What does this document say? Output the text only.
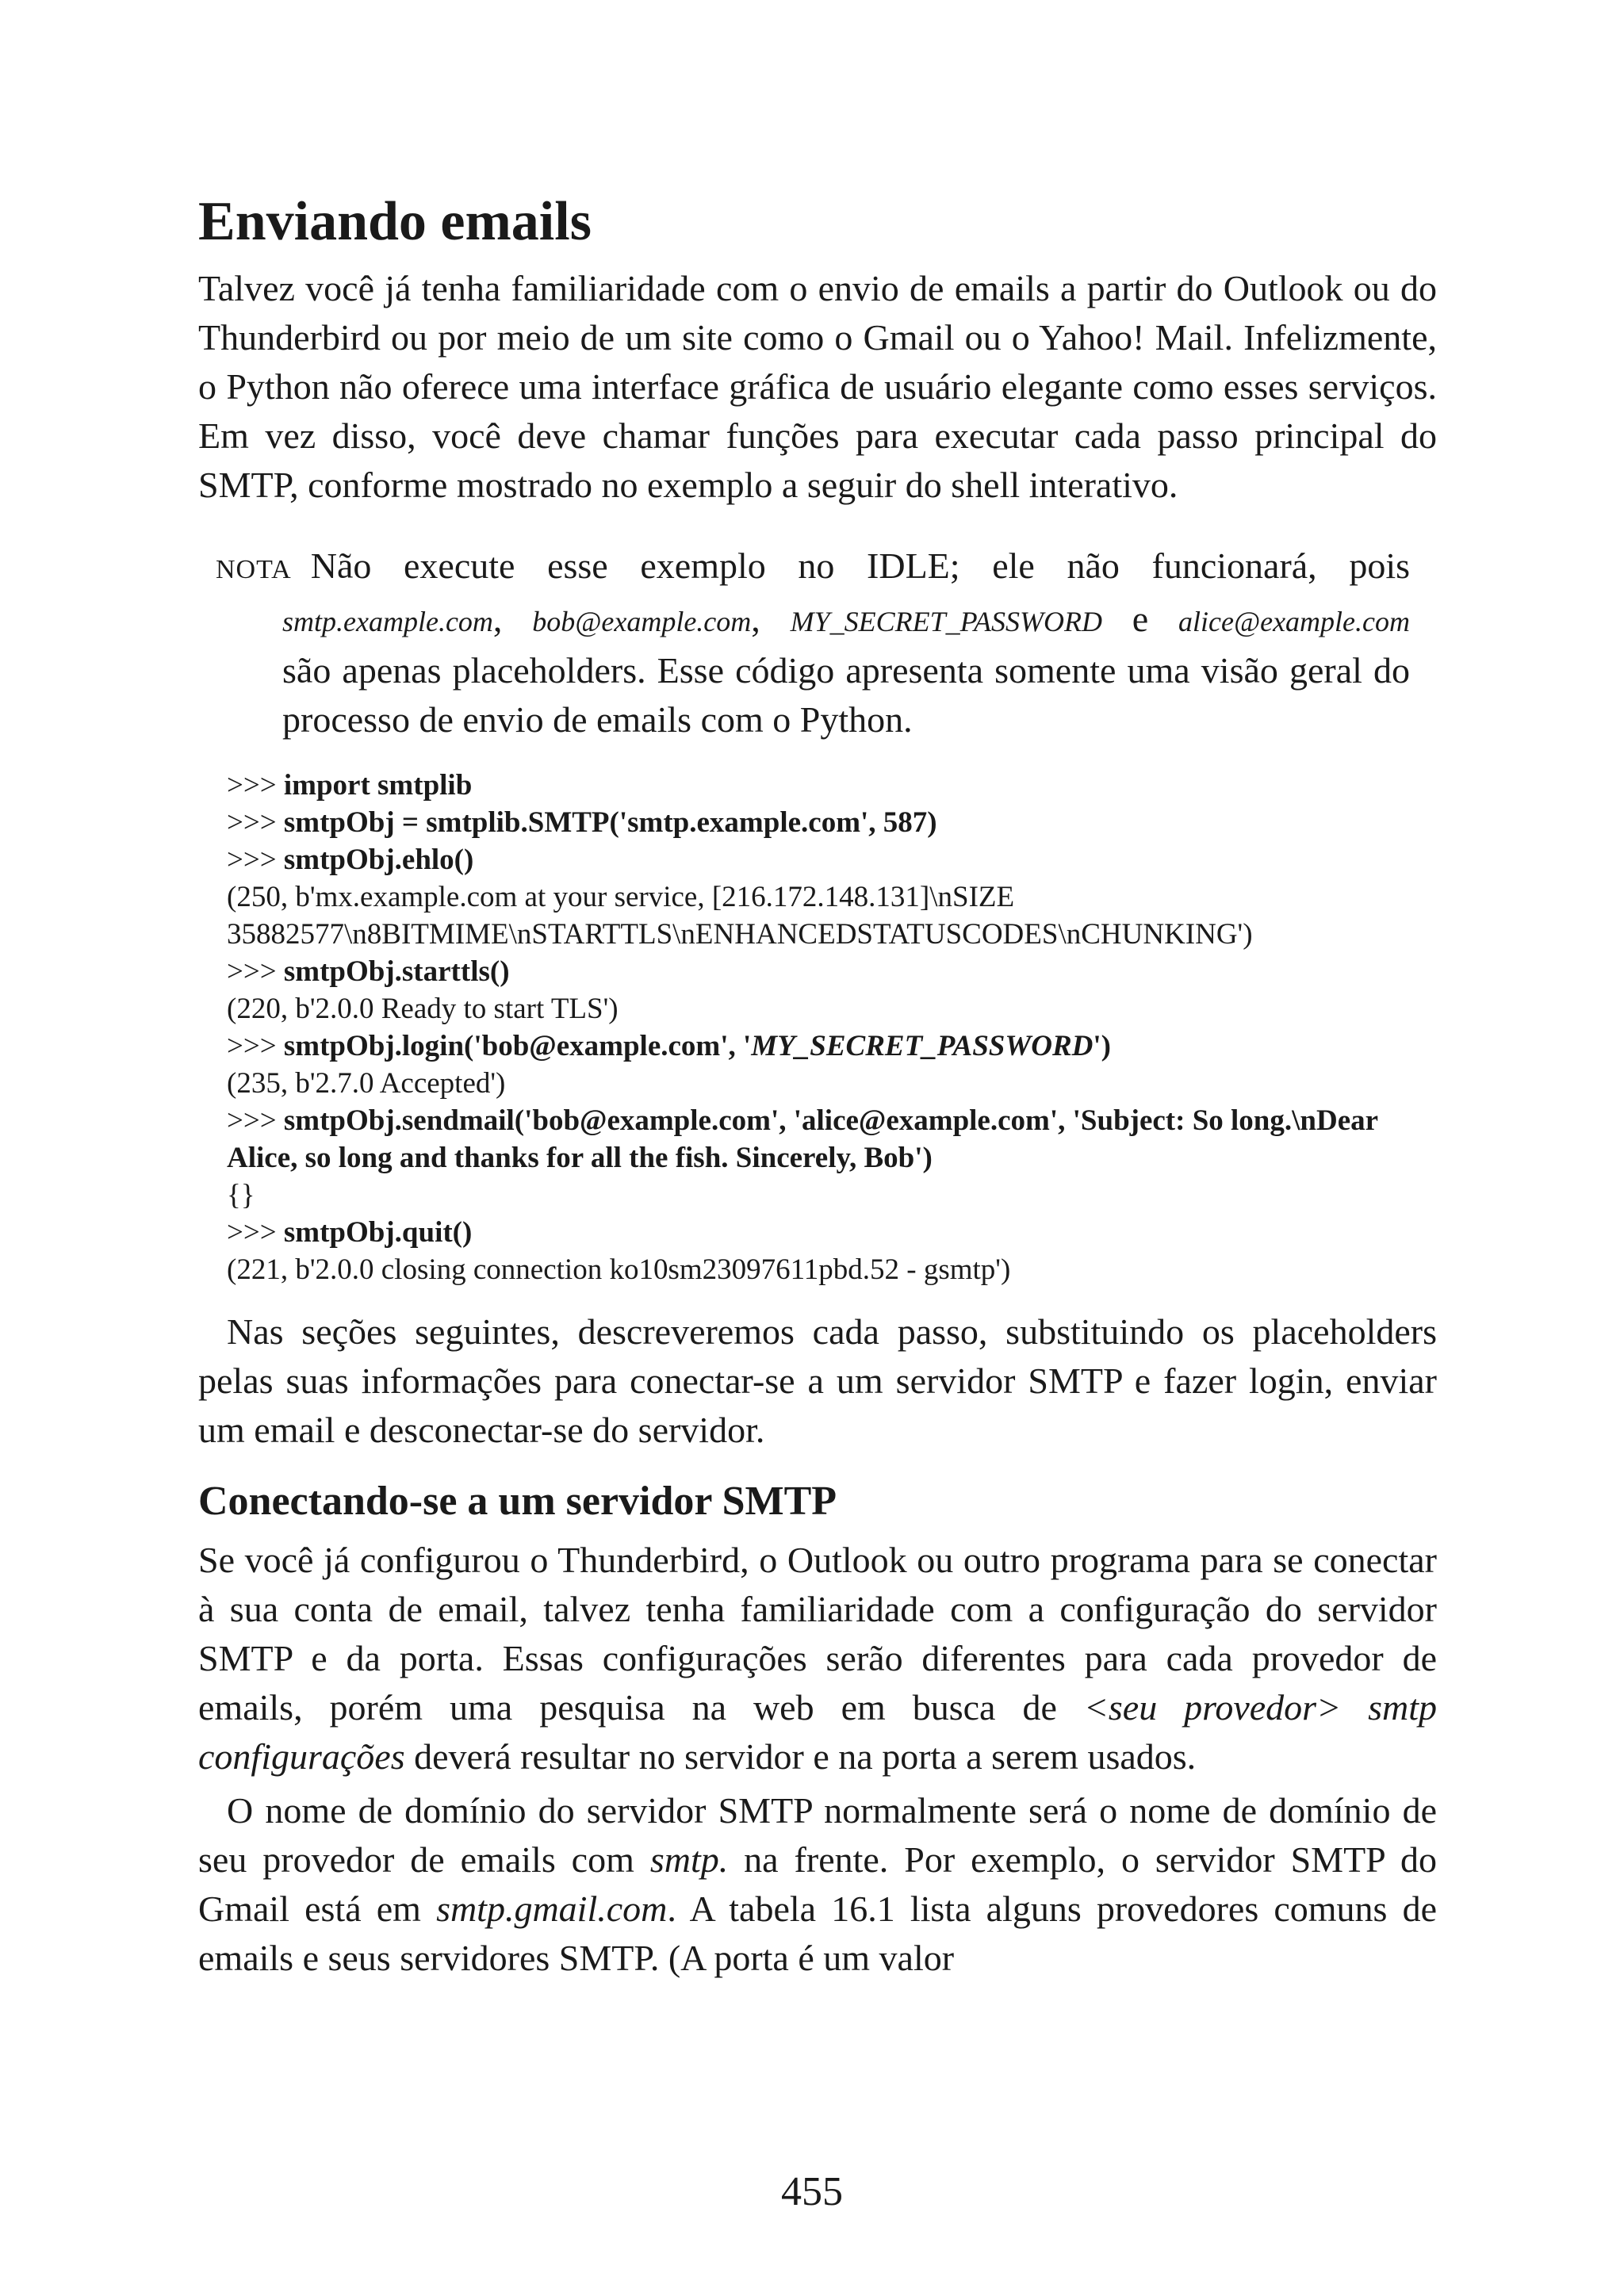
Enviando emails

Talvez você já tenha familiaridade com o envio de emails a partir do Outlook ou do Thunderbird ou por meio de um site como o Gmail ou o Yahoo! Mail. Infelizmente, o Python não oferece uma interface gráfica de usuário elegante como esses serviços. Em vez disso, você deve chamar funções para executar cada passo principal do SMTP, conforme mostrado no exemplo a seguir do shell interativo.

NOTA Não execute esse exemplo no IDLE; ele não funcionará, pois
smtp.example.com, bob@example.com, MY_SECRET_PASSWORD e alice@example.com
são apenas placeholders. Esse código apresenta somente uma visão geral do processo de envio de emails com o Python.
>>> import smtplib
>>> smtpObj = smtplib.SMTP('smtp.example.com', 587)
>>> smtpObj.ehlo()
(250, b'mx.example.com at your service, [216.172.148.131]\nSIZE
35882577\n8BITMIME\nSTARTTLS\nENHANCEDSTATUSCODES\nCHUNKING')
>>> smtpObj.starttls()
(220, b'2.0.0 Ready to start TLS')
>>> smtpObj.login('bob@example.com', 'MY_SECRET_PASSWORD')
(235, b'2.7.0 Accepted')
>>> smtpObj.sendmail('bob@example.com', 'alice@example.com', 'Subject: So long.\nDear
Alice, so long and thanks for all the fish. Sincerely, Bob')
{}
>>> smtpObj.quit()
(221, b'2.0.0 closing connection ko10sm23097611pbd.52 - gsmtp')

Nas seções seguintes, descreveremos cada passo, substituindo os placeholders pelas suas informações para conectar-se a um servidor SMTP e fazer login, enviar um email e desconectar-se do servidor.

Conectando-se a um servidor SMTP

Se você já configurou o Thunderbird, o Outlook ou outro programa para se conectar à sua conta de email, talvez tenha familiaridade com a configuração do servidor SMTP e da porta. Essas configurações serão diferentes para cada provedor de emails, porém uma pesquisa na web em busca de <seu provedor> smtp configurações deverá resultar no servidor e na porta a serem usados.

O nome de domínio do servidor SMTP normalmente será o nome de domínio de seu provedor de emails com smtp. na frente. Por exemplo, o servidor SMTP do Gmail está em smtp.gmail.com. A tabela 16.1 lista alguns provedores comuns de emails e seus servidores SMTP. (A porta é um valor

455
